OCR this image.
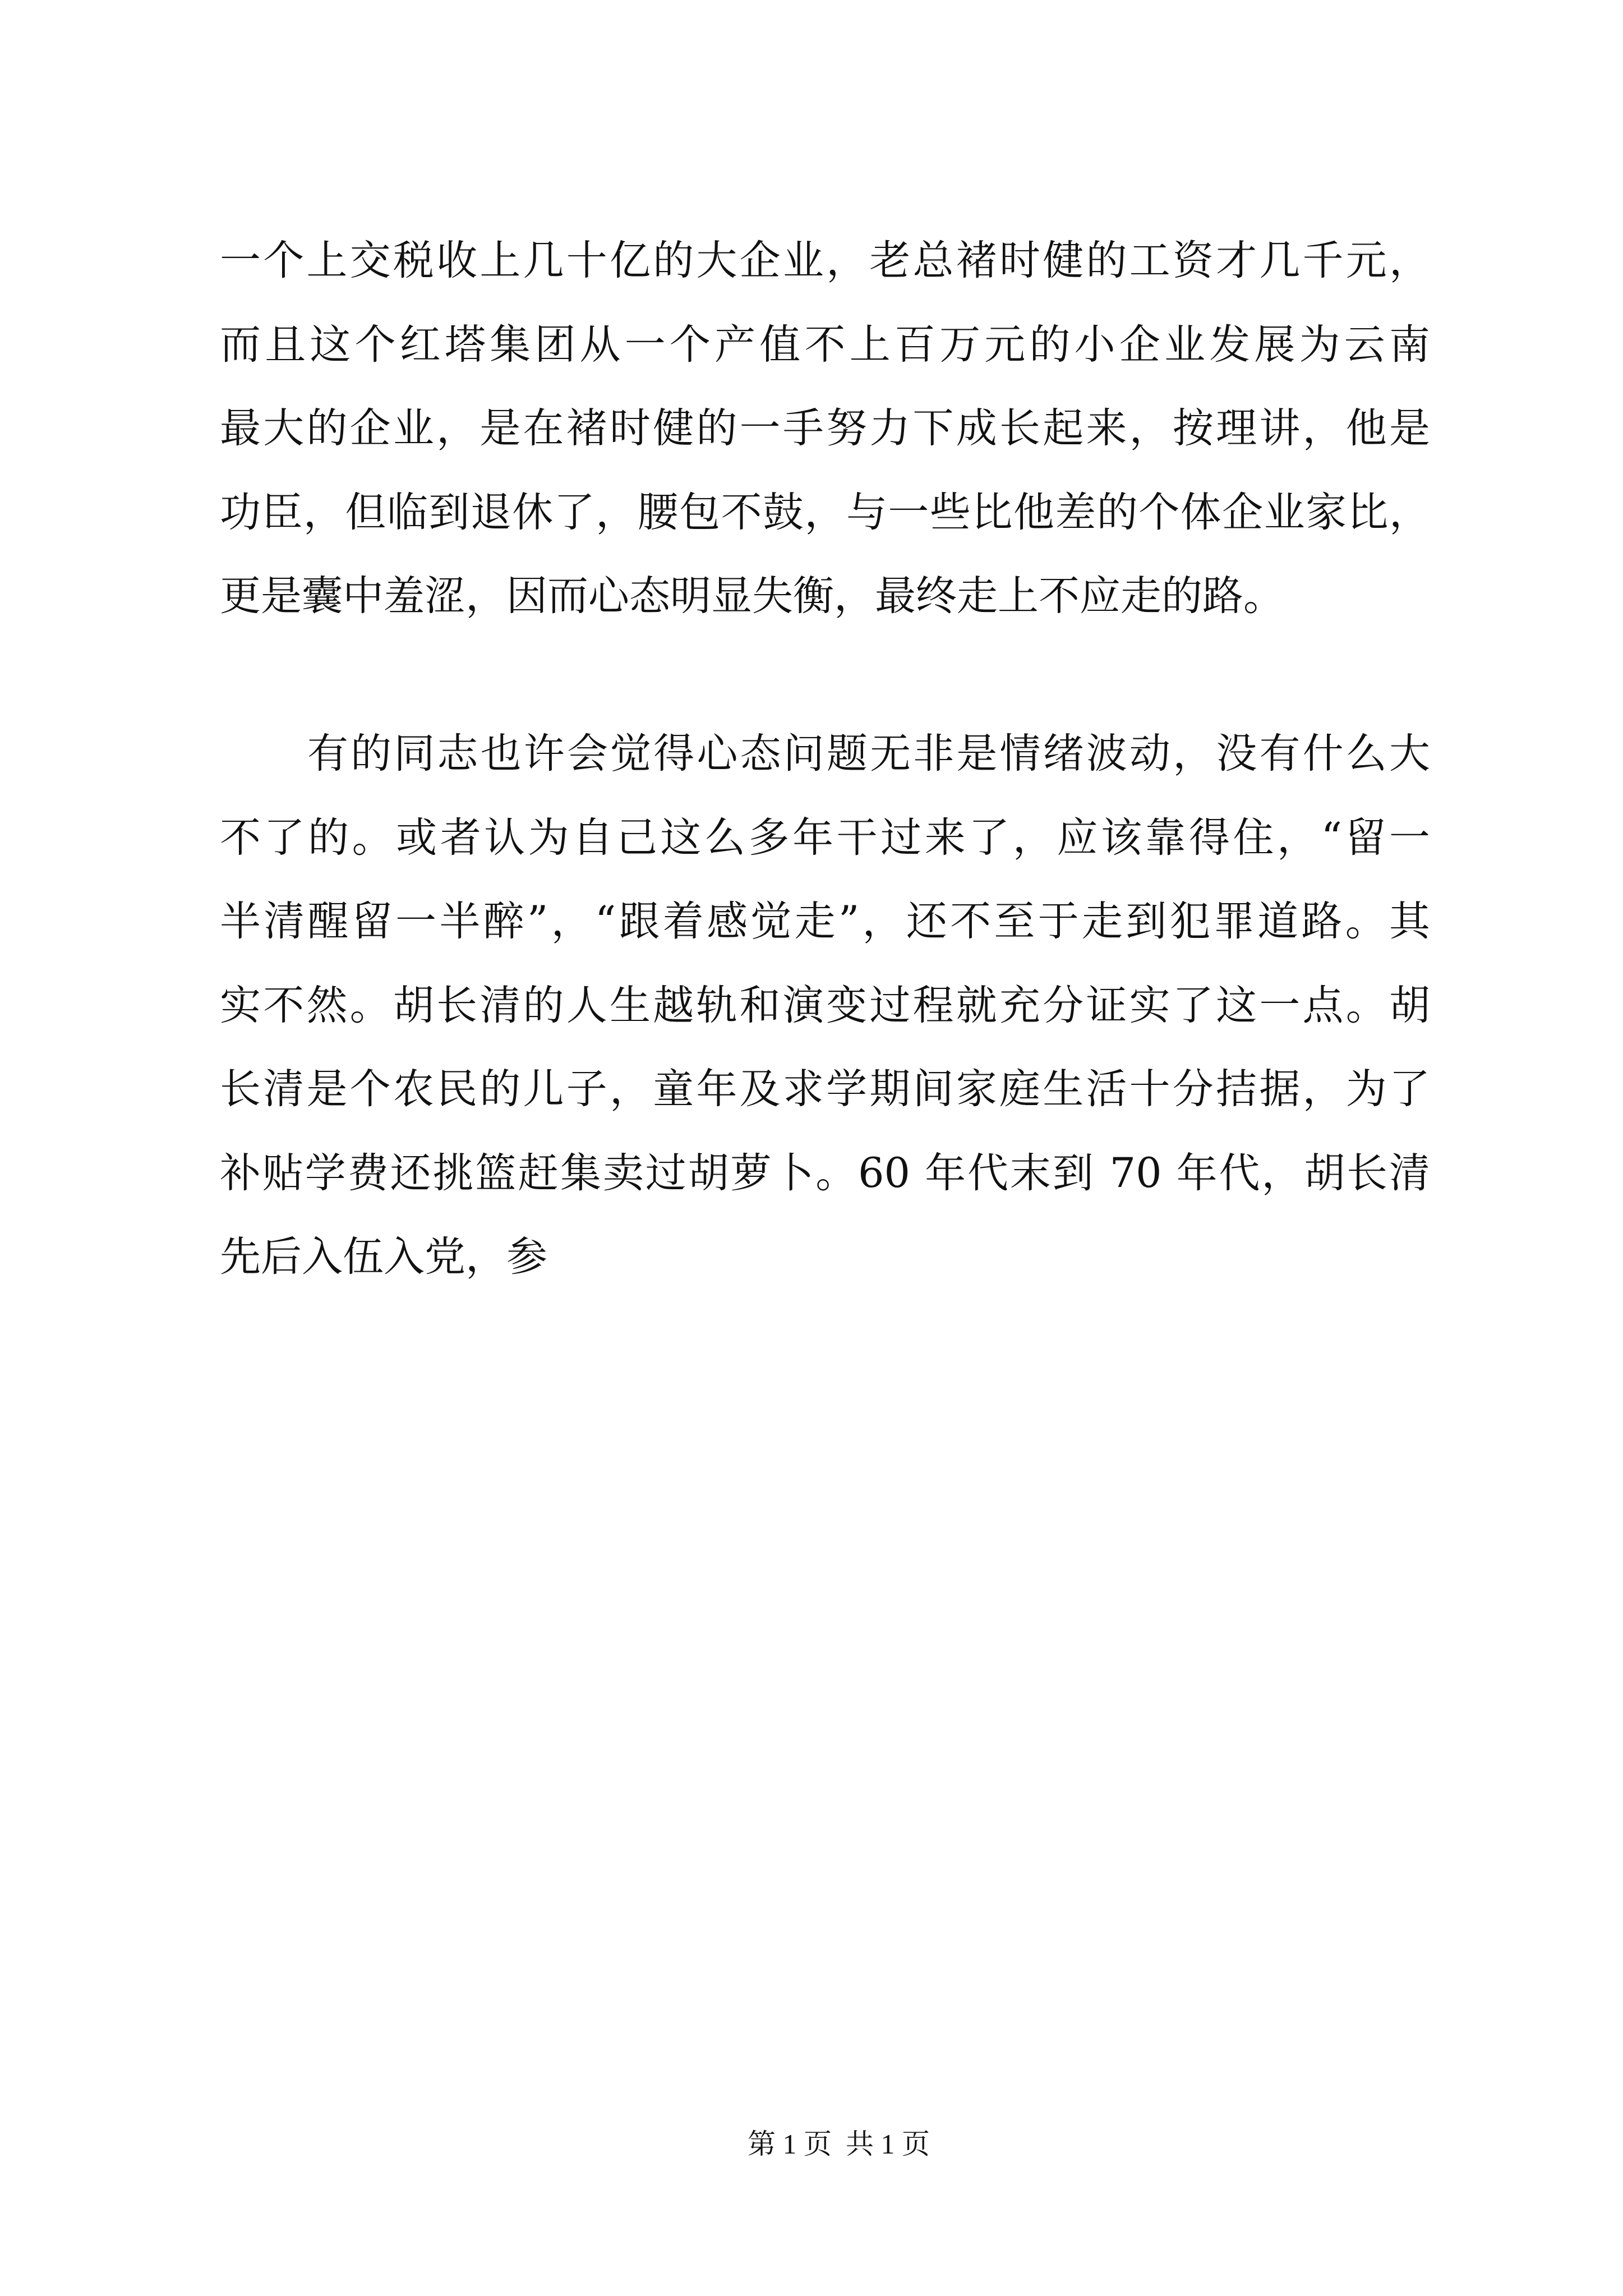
一个上交税收上几十亿的大企业，老总褚时健的工资才几千元，
而且这个红塔集团从一个产值不上百万元的小企业发展为云南
最大的企业，是在褚时健的一手努力下成长起来，按理讲，他是
功臣，但临到退休了，腰包不鼓，与一些比他差的个体企业家比，
更是囊中羞涩，因而心态明显失衡，最终走上不应走的路。
有的同志也许会觉得心态问题无非是情绪波动，没有什么大
不了的。或者认为自己这么多年干过来了，应该靠得住，“留一
半清醒留一半醉”，“跟着感觉走”，还不至于走到犯罪道路。其
实不然。胡长清的人生越轨和演变过程就充分证实了这一点。胡
长清是个农民的儿子，童年及求学期间家庭生活十分拮据，为了
补贴学费还挑篮赶集卖过胡萝卜。60 年代末到 70 年代，胡长清
先后入伍入党，参
第 1 页  共 1 页
